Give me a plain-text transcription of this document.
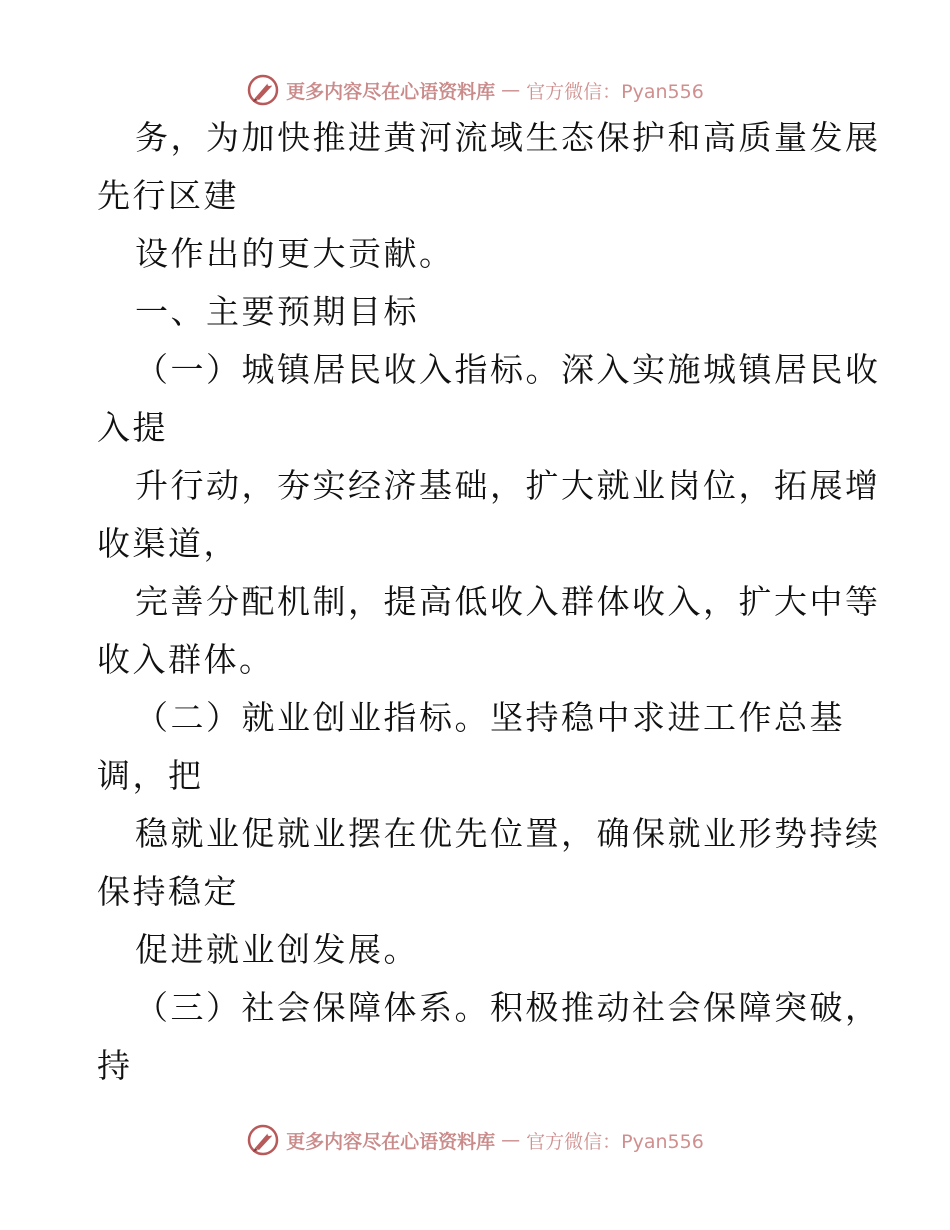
更多内容尽在心语资料库 — 官方微信：Pyan556
务，为加快推进黄河流域生态保护和高质量发展
先行区建
设作出的更大贡献。
一、主要预期目标
（一）城镇居民收入指标。深入实施城镇居民收
入提
升行动，夯实经济基础，扩大就业岗位，拓展增
收渠道，
完善分配机制，提高低收入群体收入，扩大中等
收入群体。
（二）就业创业指标。坚持稳中求进工作总基
调，把
稳就业促就业摆在优先位置，确保就业形势持续
保持稳定
促进就业创发展。
（三）社会保障体系。积极推动社会保障突破，
持
更多内容尽在心语资料库 — 官方微信：Pyan556
